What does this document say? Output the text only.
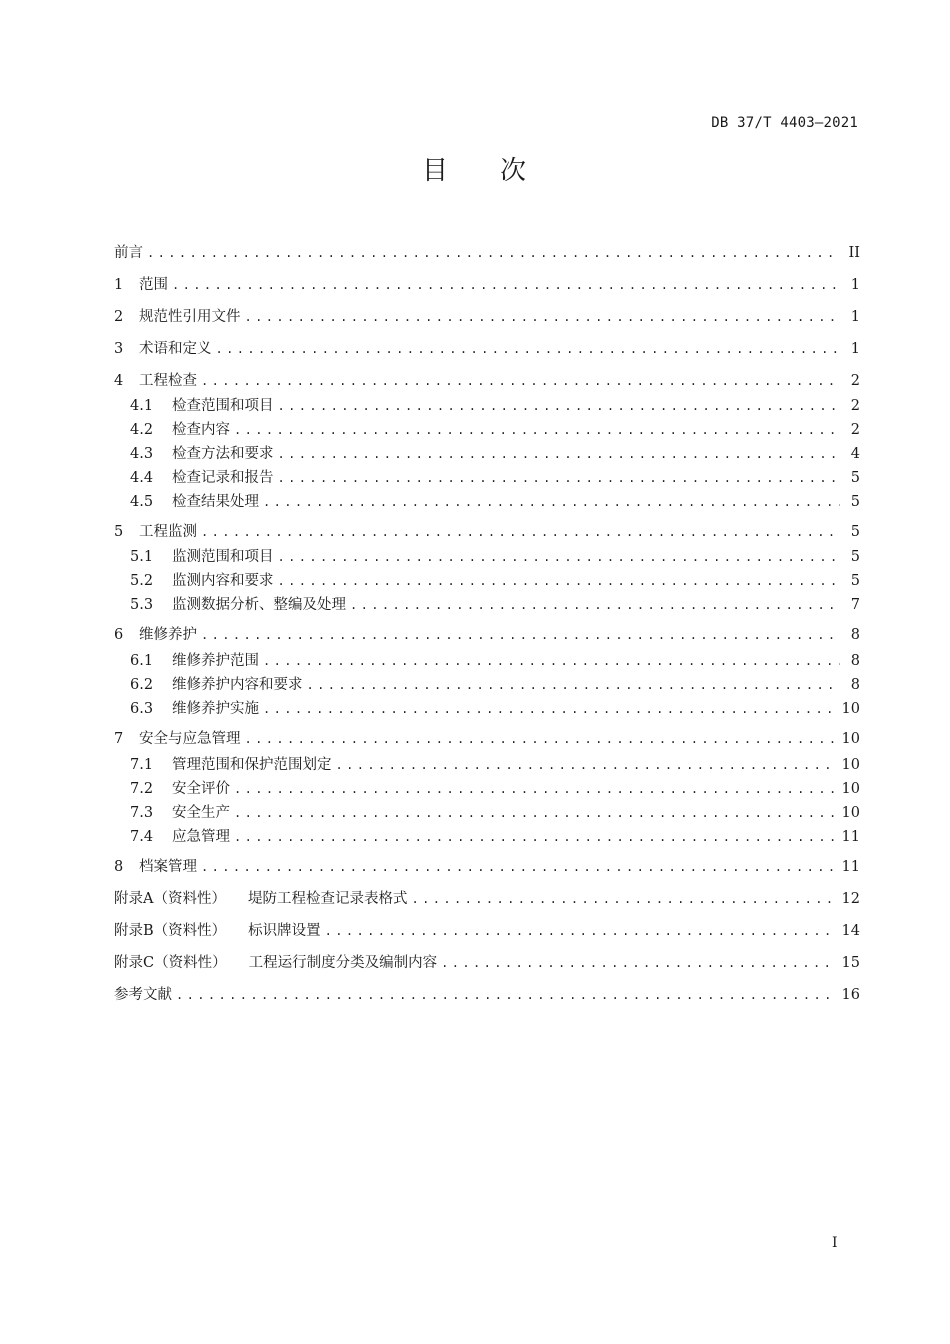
DB 37/T 4403—2021
目 次
前言 .....	II
1 范围 .....	1
2 规范性引用文件 .....	1
3 术语和定义 .....	1
4 工程检查 .....	2
4.1 检查范围和项目 .....	2
4.2 检查内容 .....	2
4.3 检查方法和要求 .....	4
4.4 检查记录和报告 .....	5
4.5 检查结果处理 .....	5
5 工程监测 .....	5
5.1 监测范围和项目 .....	5
5.2 监测内容和要求 .....	5
5.3 监测数据分析、整编及处理 .....	7
6 维修养护 .....	8
6.1 维修养护范围 .....	8
6.2 维修养护内容和要求 .....	8
6.3 维修养护实施 .....	10
7 安全与应急管理 .....	10
7.1 管理范围和保护范围划定 .....	10
7.2 安全评价 .....	10
7.3 安全生产 .....	10
7.4 应急管理 .....	11
8 档案管理 .....	11
附录A（资料性） 堤防工程检查记录表格式 .....	12
附录B（资料性） 标识牌设置 .....	14
附录C（资料性） 工程运行制度分类及编制内容 .....	15
参考文献 .....	16
I
